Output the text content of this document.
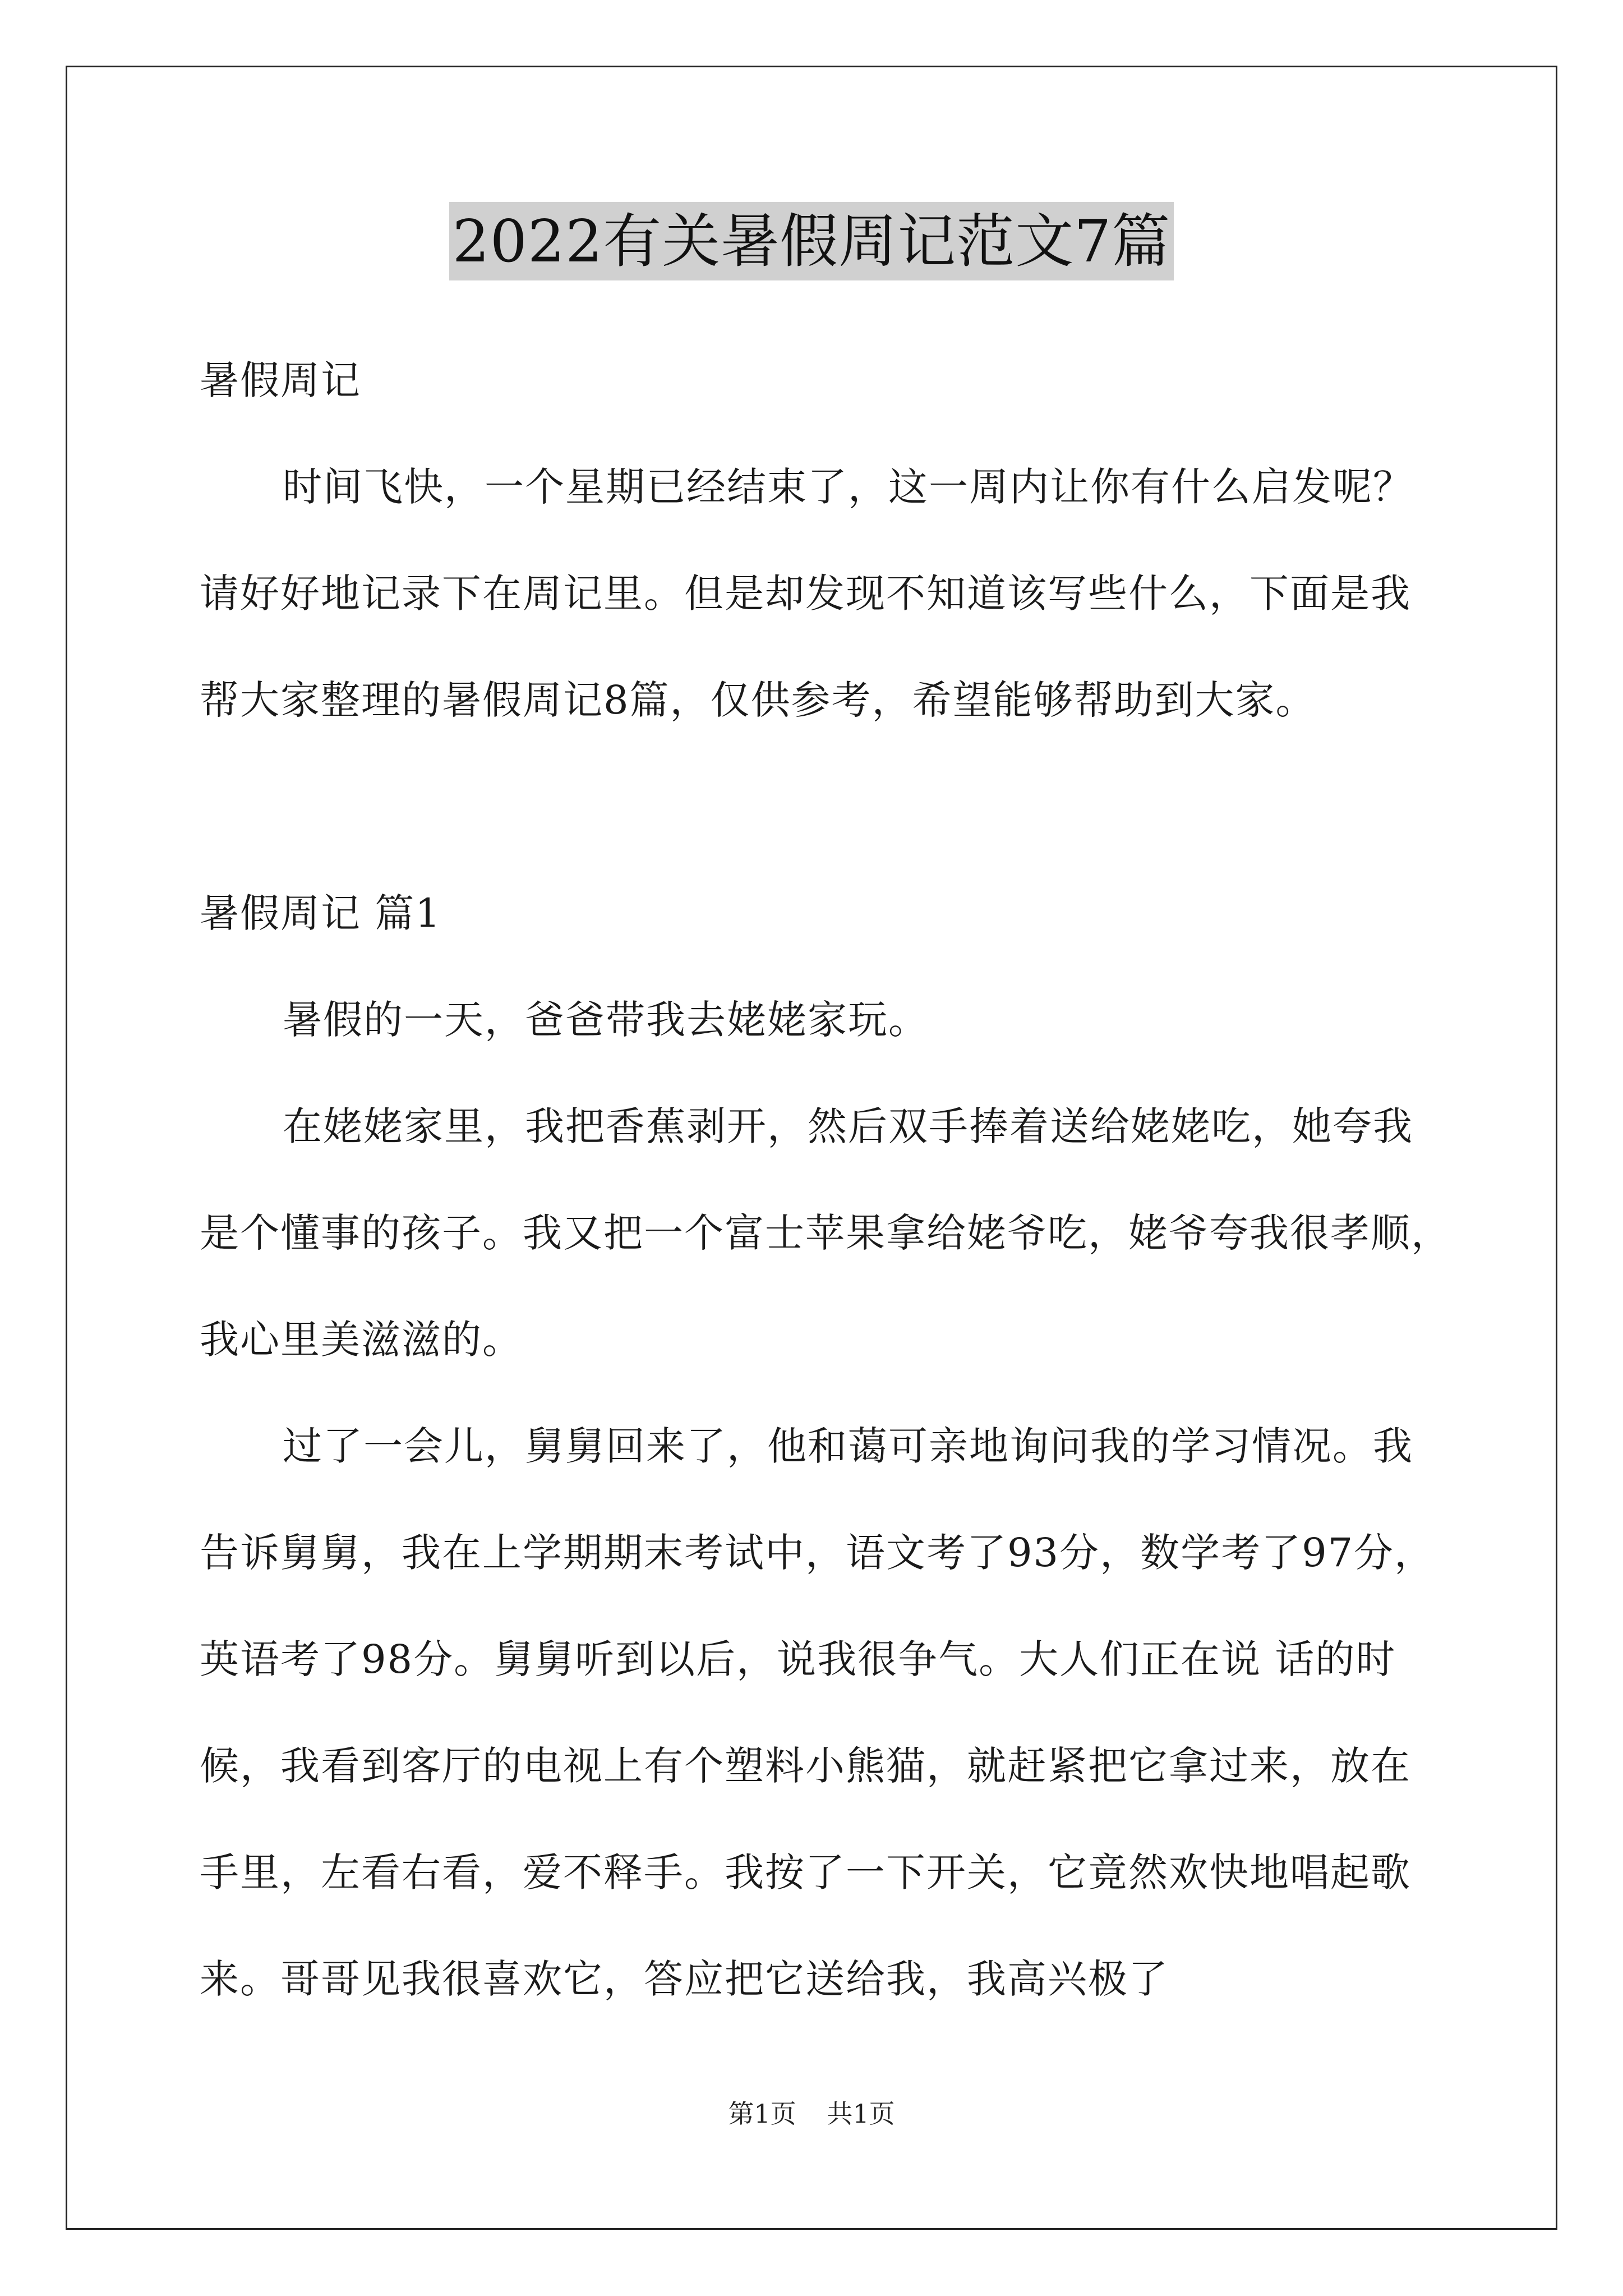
2022有关暑假周记范文7篇
暑假周记
时间飞快，一个星期已经结束了，这一周内让你有什么启发呢？
请好好地记录下在周记里。但是却发现不知道该写些什么，下面是我
帮大家整理的暑假周记8篇，仅供参考，希望能够帮助到大家。
暑假周记 篇1
暑假的一天，爸爸带我去姥姥家玩。
在姥姥家里，我把香蕉剥开，然后双手捧着送给姥姥吃，她夸我
是个懂事的孩子。我又把一个富士苹果拿给姥爷吃，姥爷夸我很孝顺，
我心里美滋滋的。
过了一会儿，舅舅回来了，他和蔼可亲地询问我的学习情况。我
告诉舅舅，我在上学期期末考试中，语文考了93分，数学考了97分，
英语考了98分。舅舅听到以后，说我很争气。大人们正在说 话的时
候，我看到客厅的电视上有个塑料小熊猫，就赶紧把它拿过来，放在
手里，左看右看，爱不释手。我按了一下开关，它竟然欢快地唱起歌
来。哥哥见我很喜欢它，答应把它送给我，我高兴极了
第1页 共1页
